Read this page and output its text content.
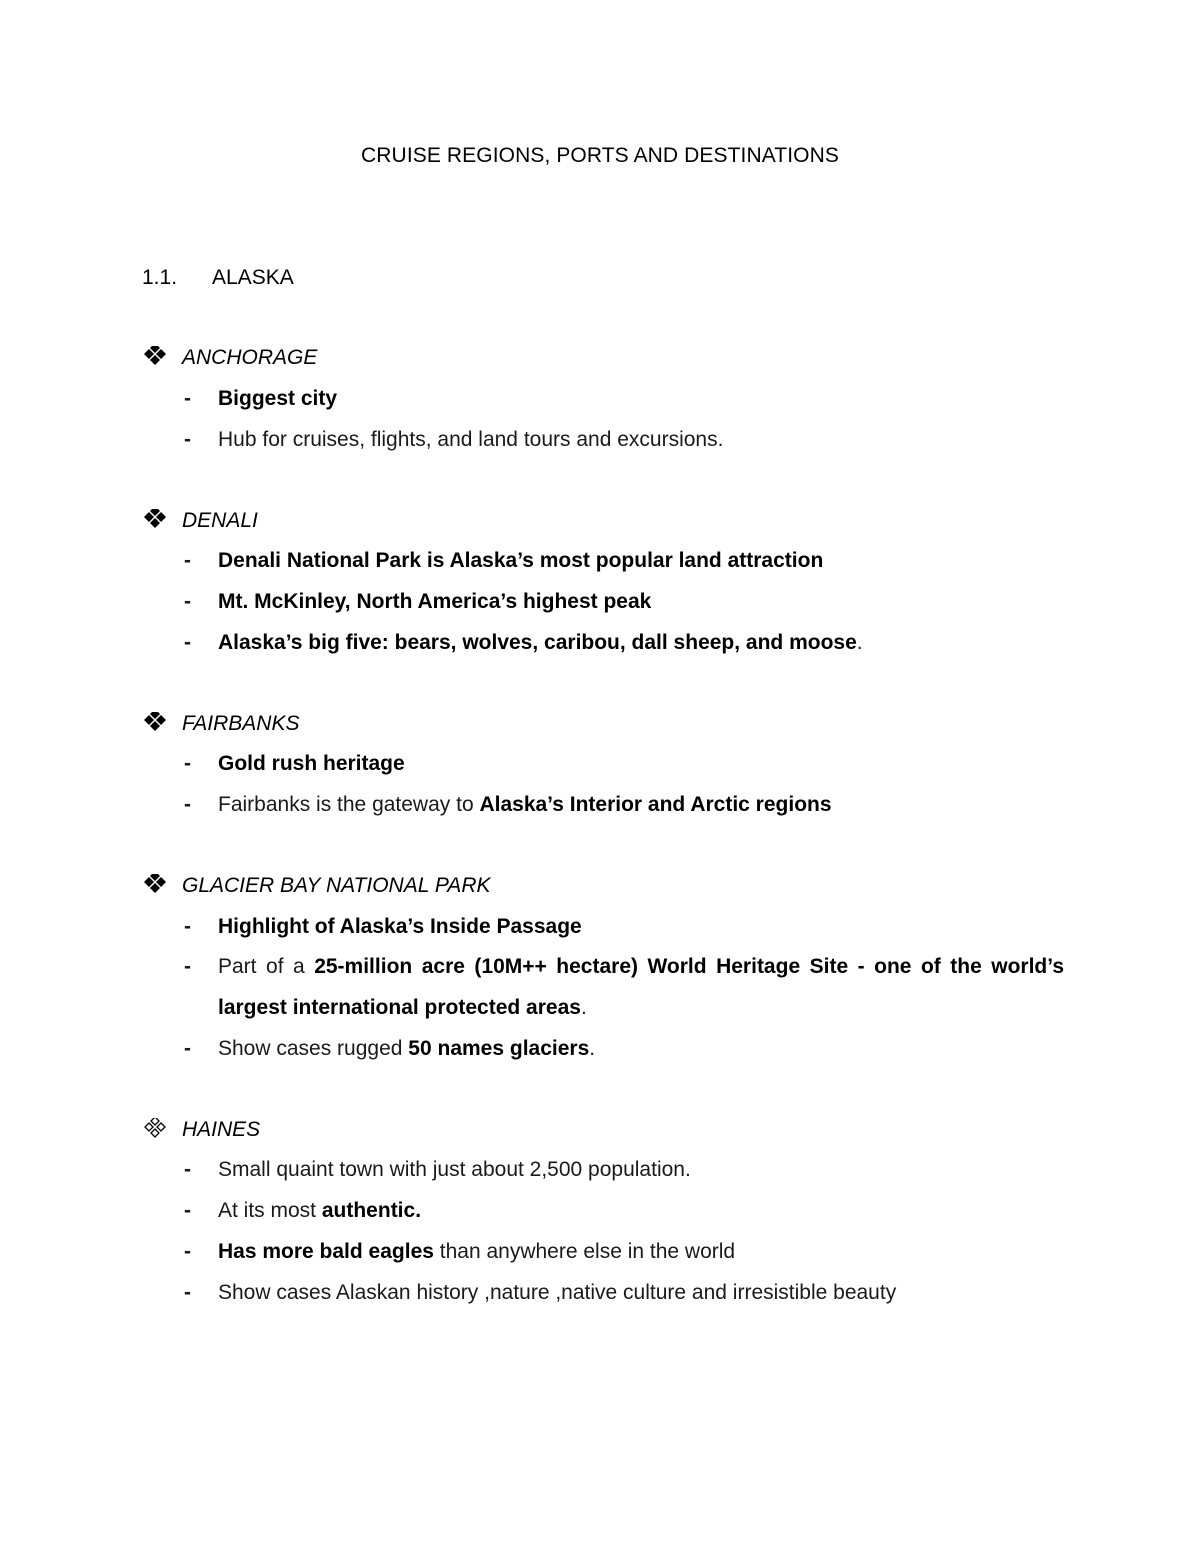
CRUISE REGIONS, PORTS AND DESTINATIONS
1.1. ALASKA
ANCHORAGE
- Biggest city
- Hub for cruises, flights, and land tours and excursions.
DENALI
- Denali National Park is Alaska’s most popular land attraction
- Mt. McKinley, North America’s highest peak
- Alaska’s big five: bears, wolves, caribou, dall sheep, and moose.
FAIRBANKS
- Gold rush heritage
- Fairbanks is the gateway to Alaska’s Interior and Arctic regions
GLACIER BAY NATIONAL PARK
- Highlight of Alaska’s Inside Passage
- Part of a 25-million acre (10M++ hectare) World Heritage Site - one of the world’s largest international protected areas.
- Show cases rugged 50 names glaciers.
HAINES
- Small quaint town with just about 2,500 population.
- At its most authentic.
- Has more bald eagles than anywhere else in the world
- Show cases Alaskan history ,nature ,native culture and irresistible beauty
